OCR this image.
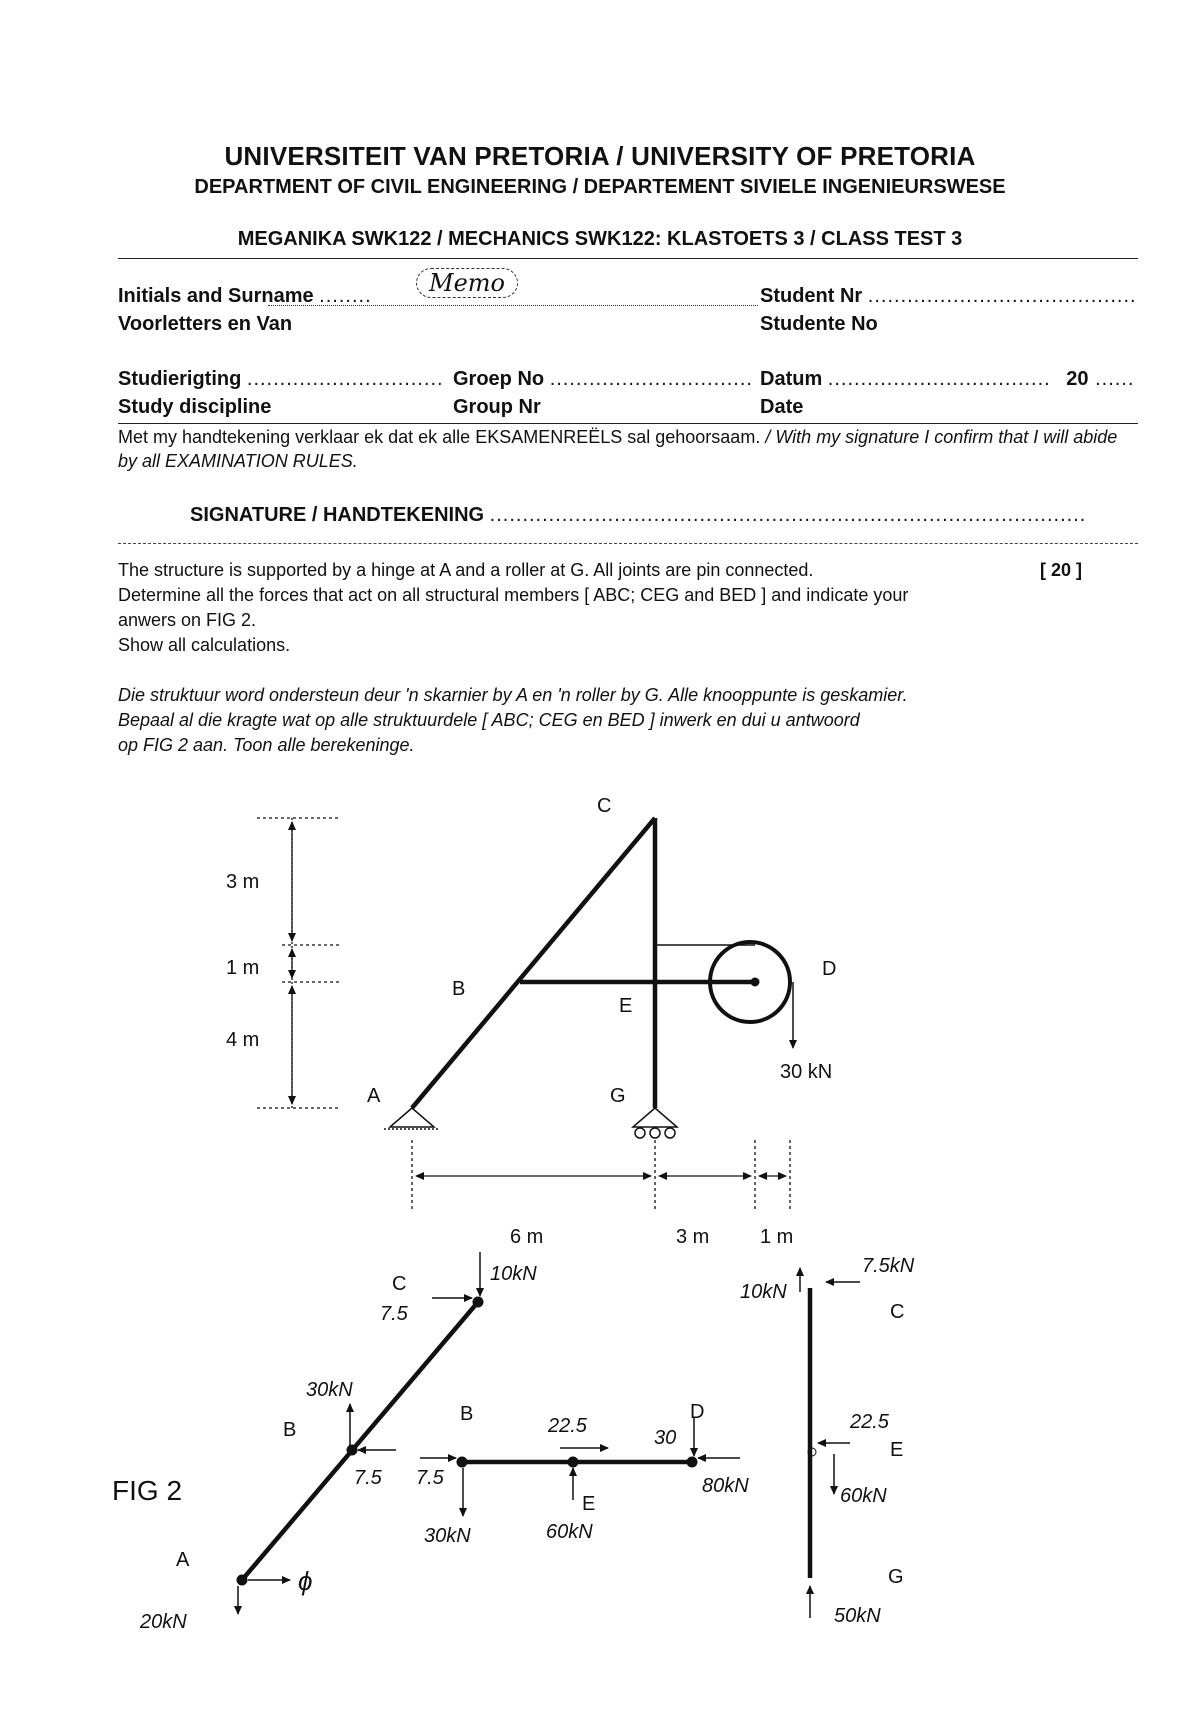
UNIVERSITEIT VAN PRETORIA / UNIVERSITY OF PRETORIA
DEPARTMENT OF CIVIL ENGINEERING / DEPARTEMENT SIVIELE INGENIEURSWESE
MEGANIKA SWK122 / MECHANICS SWK122: KLASTOETS 3 / CLASS TEST 3
Initials and Surname ........	Memo	Student Nr .........................................
Voorletters en Van	Studente No
Studierigting .............................. Groep No ............................... Datum .................................. 20 ......
Study discipline	Group Nr	Date
Met my handtekening verklaar ek dat ek alle EKSAMENREËLS sal gehoorsaam. / With my signature I confirm that I will abide by all EXAMINATION RULES.
SIGNATURE / HANDTEKENING ...........................................................................................
The structure is supported by a hinge at A and a roller at G. All joints are pin connected.	[ 20 ]
Determine all the forces that act on all structural members [ ABC; CEG and BED ] and indicate your
anwers on FIG 2.
Show all calculations.
Die struktuur word ondersteun deur 'n skarnier by A en 'n roller by G. Alle knooppunte is geskamier.
Bepaal al die kragte wat op alle struktuurdele [ ABC; CEG en BED ] inwerk en dui u antwoord
op FIG 2 aan. Toon alle berekeninge.
C
B
E
D
A	G
3 m
1 m
4 m
6 m	3 m	1 m
30 kN
FIG 2
C
B
A
B
E
D
C
E
G
10kN
7.5
30kN
7.5
20kN
ϕ
7.5
30kN
22.5
60kN
30
80kN
7.5kN
10kN
22.5
60kN
50kN
